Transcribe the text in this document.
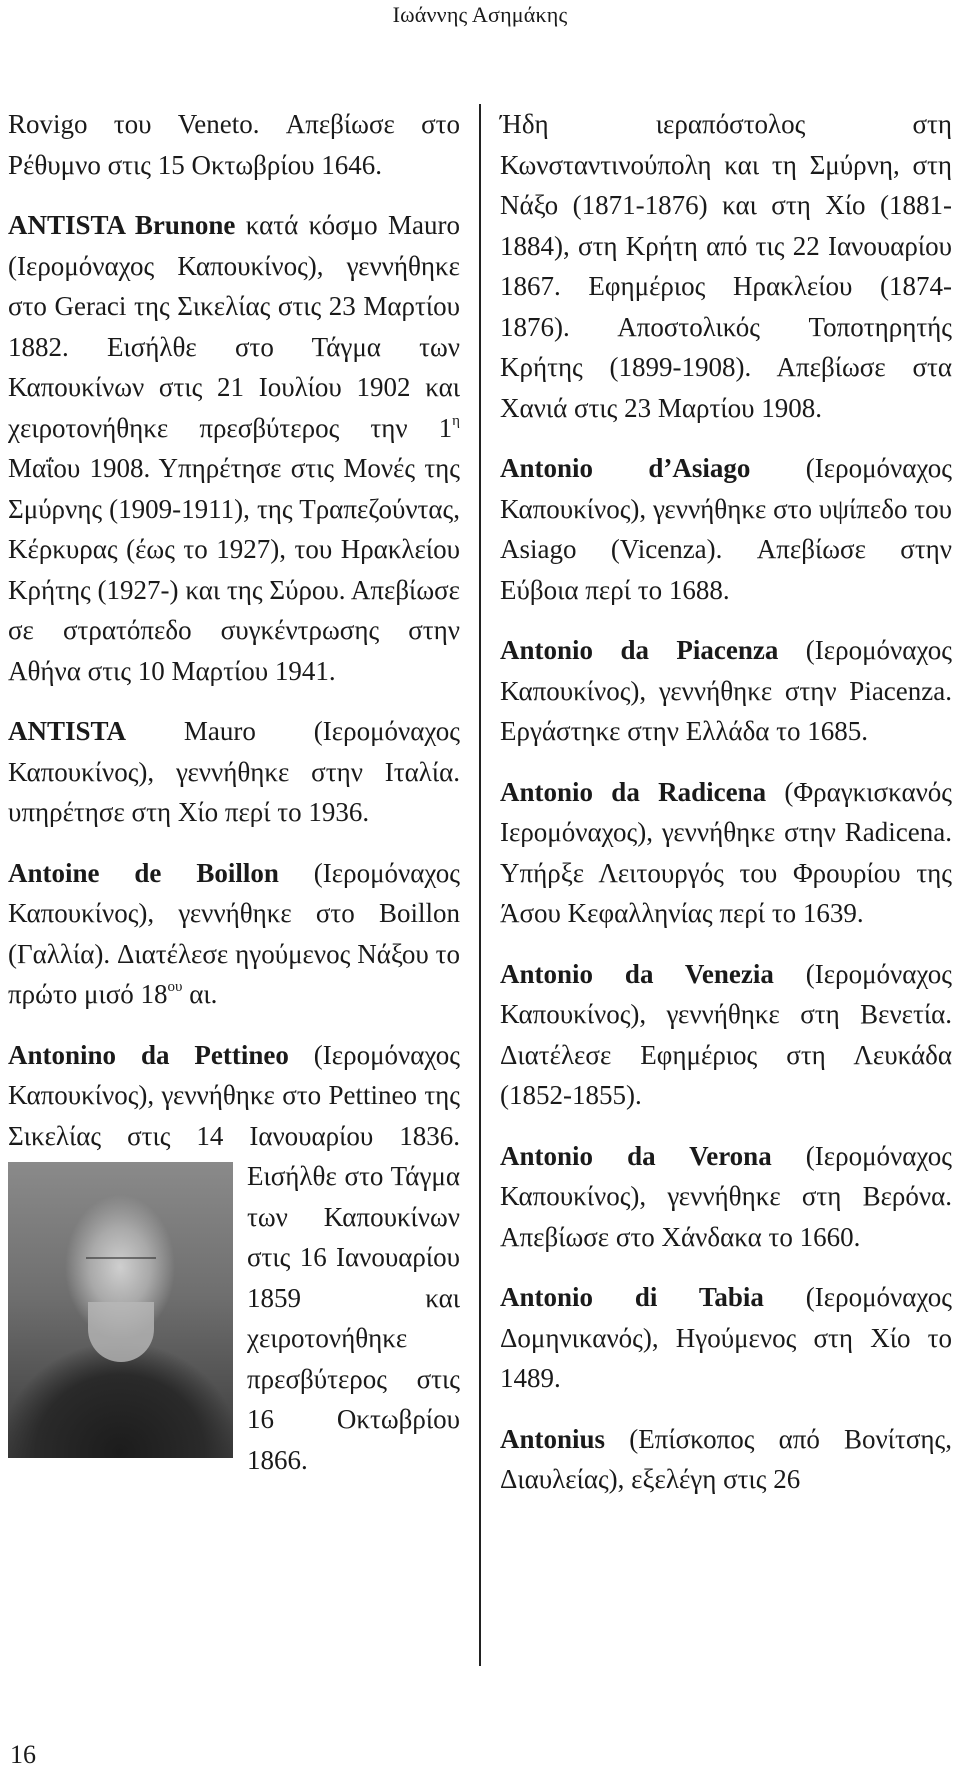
Ιωάννης Ασημάκης

Rovigo του Veneto. Απεβίωσε στο Ρέθυμνο στις 15 Οκτωβρίου 1646.

ANTISTA Brunone κατά κόσμο Mauro (Ιερομόναχος Καπουκίνος), γεννήθηκε στο Geraci της Σικελίας στις 23 Μαρτίου 1882. Εισήλθε στο Τάγμα των Καπουκίνων στις 21 Ιουλίου 1902 και χειροτονήθηκε πρεσβύτερος την $1^\eta$ Μαΐου 1908. Υπηρέτησε στις Μονές της Σμύρνης (1909-1911), της Τραπεζούντας, Κέρκυρας (έως το 1927), του Ηρακλείου Κρήτης (1927-) και της Σύρου. Απεβίωσε σε στρατόπεδο συγκέντρωσης στην Αθήνα στις 10 Μαρτίου 1941.

ANTISTA Mauro (Ιερομόναχος Καπουκίνος), γεννήθηκε στην Ιταλία. υπηρέτησε στη Χίο περί το 1936.

Antoine de Boillon (Ιερομόναχος Καπουκίνος), γεννήθηκε στο Boillon (Γαλλία). Διατέλεσε ηγούμενος Νάξου το πρώτο μισό $18^{o\upsilon}$ αι.

Antonino da Pettineo (Ιερομόναχος Καπουκίνος), γεννήθηκε στο Pettineo της Σικελίας στις 14 Ιανουαρίου 1836.
Εισήλθε στο Τάγμα των Καπουκίνων στις 16 Ιανουαρίου 1859 και χειροτονήθηκε πρεσβύτερος στις 16 Οκτωβρίου 1866.

Ήδη ιεραπόστολος στη Κωνσταντινούπολη και τη Σμύρνη, στη Νάξο (1871-1876) και στη Χίο (1881-1884), στη Κρήτη από τις 22 Ιανουαρίου 1867. Εφημέριος Ηρακλείου (1874-1876). Αποστολικός Τοποτηρητής Κρήτης (1899-1908). Απεβίωσε στα Χανιά στις 23 Μαρτίου 1908.

Antonio d’Asiago (Ιερομόναχος Καπουκίνος), γεννήθηκε στο υψίπεδο του Asiago (Vicenza). Απεβίωσε στην Εύβοια περί το 1688.

Antonio da Piacenza (Ιερομόναχος Καπουκίνος), γεννήθηκε στην Piacenza. Εργάστηκε στην Ελλάδα το 1685.

Antonio da Radicena (Φραγκισκανός Ιερομόναχος), γεννήθηκε στην Radicena. Υπήρξε Λειτουργός του Φρουρίου της Άσου Κεφαλληνίας περί το 1639.

Antonio da Venezia (Ιερομόναχος Καπουκίνος), γεννήθηκε στη Βενετία. Διατέλεσε Εφημέριος στη Λευκάδα (1852-1855).

Antonio da Verona (Ιερομόναχος Καπουκίνος), γεννήθηκε στη Βερόνα. Απεβίωσε στο Χάνδακα το 1660.

Antonio di Tabia (Ιερομόναχος Δομηνικανός), Ηγούμενος στη Χίο το 1489.

Antonius (Επίσκοπος από Βονίτσης, Διαυλείας), εξελέγη στις 26

16
